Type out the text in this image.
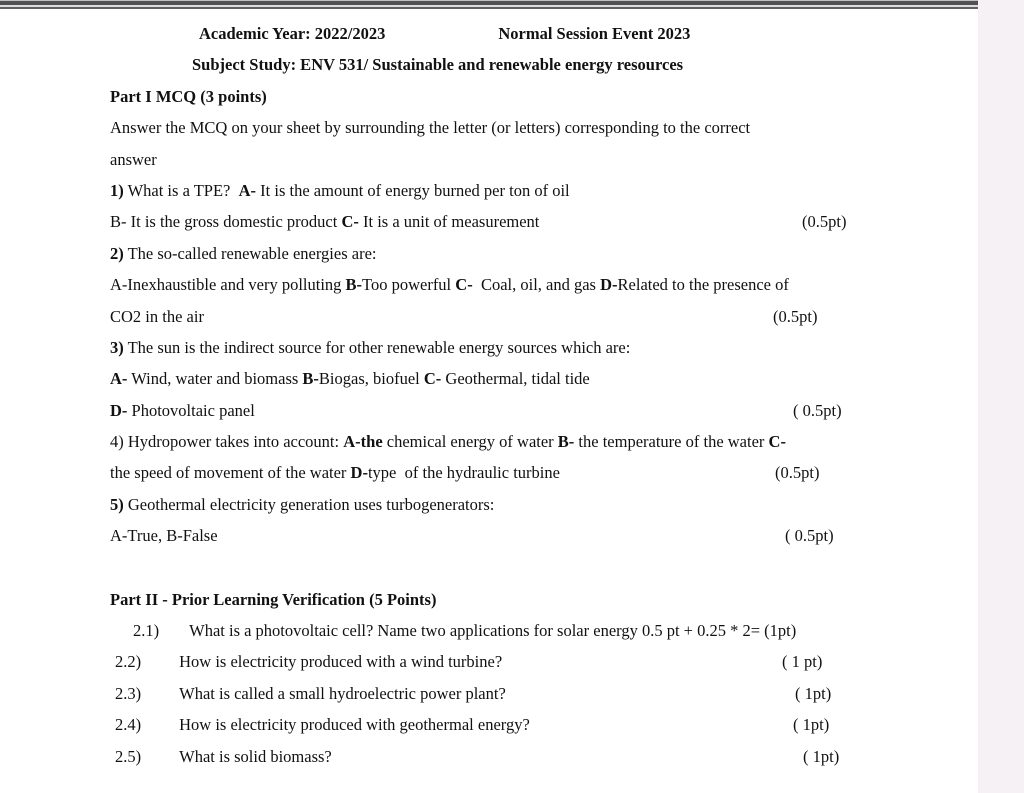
Academic Year: 2022/2023	Normal Session Event 2023
Subject Study: ENV 531/ Sustainable and renewable energy resources
Part I MCQ (3 points)
Answer the MCQ on your sheet by surrounding the letter (or letters) corresponding to the correct
answer
1) What is a TPE?  A- It is the amount of energy burned per ton of oil
B- It is the gross domestic product C- It is a unit of measurement	(0.5pt)
2) The so-called renewable energies are:
A-Inexhaustible and very polluting B-Too powerful C-  Coal, oil, and gas D-Related to the presence of
CO2 in the air	(0.5pt)
3) The sun is the indirect source for other renewable energy sources which are:
A- Wind, water and biomass B-Biogas, biofuel C- Geothermal, tidal tide
D- Photovoltaic panel	( 0.5pt)
4) Hydropower takes into account: A-the chemical energy of water B- the temperature of the water C-
the speed of movement of the water D-type  of the hydraulic turbine	(0.5pt)
5) Geothermal electricity generation uses turbogenerators:
A-True, B-False	( 0.5pt)
Part II - Prior Learning Verification (5 Points)
2.1) What is a photovoltaic cell? Name two applications for solar energy 0.5 pt + 0.25 * 2= (1pt)
2.2) How is electricity produced with a wind turbine?	( 1 pt)
2.3) What is called a small hydroelectric power plant?	( 1pt)
2.4) How is electricity produced with geothermal energy?	( 1pt)
2.5) What is solid biomass?	( 1pt)
